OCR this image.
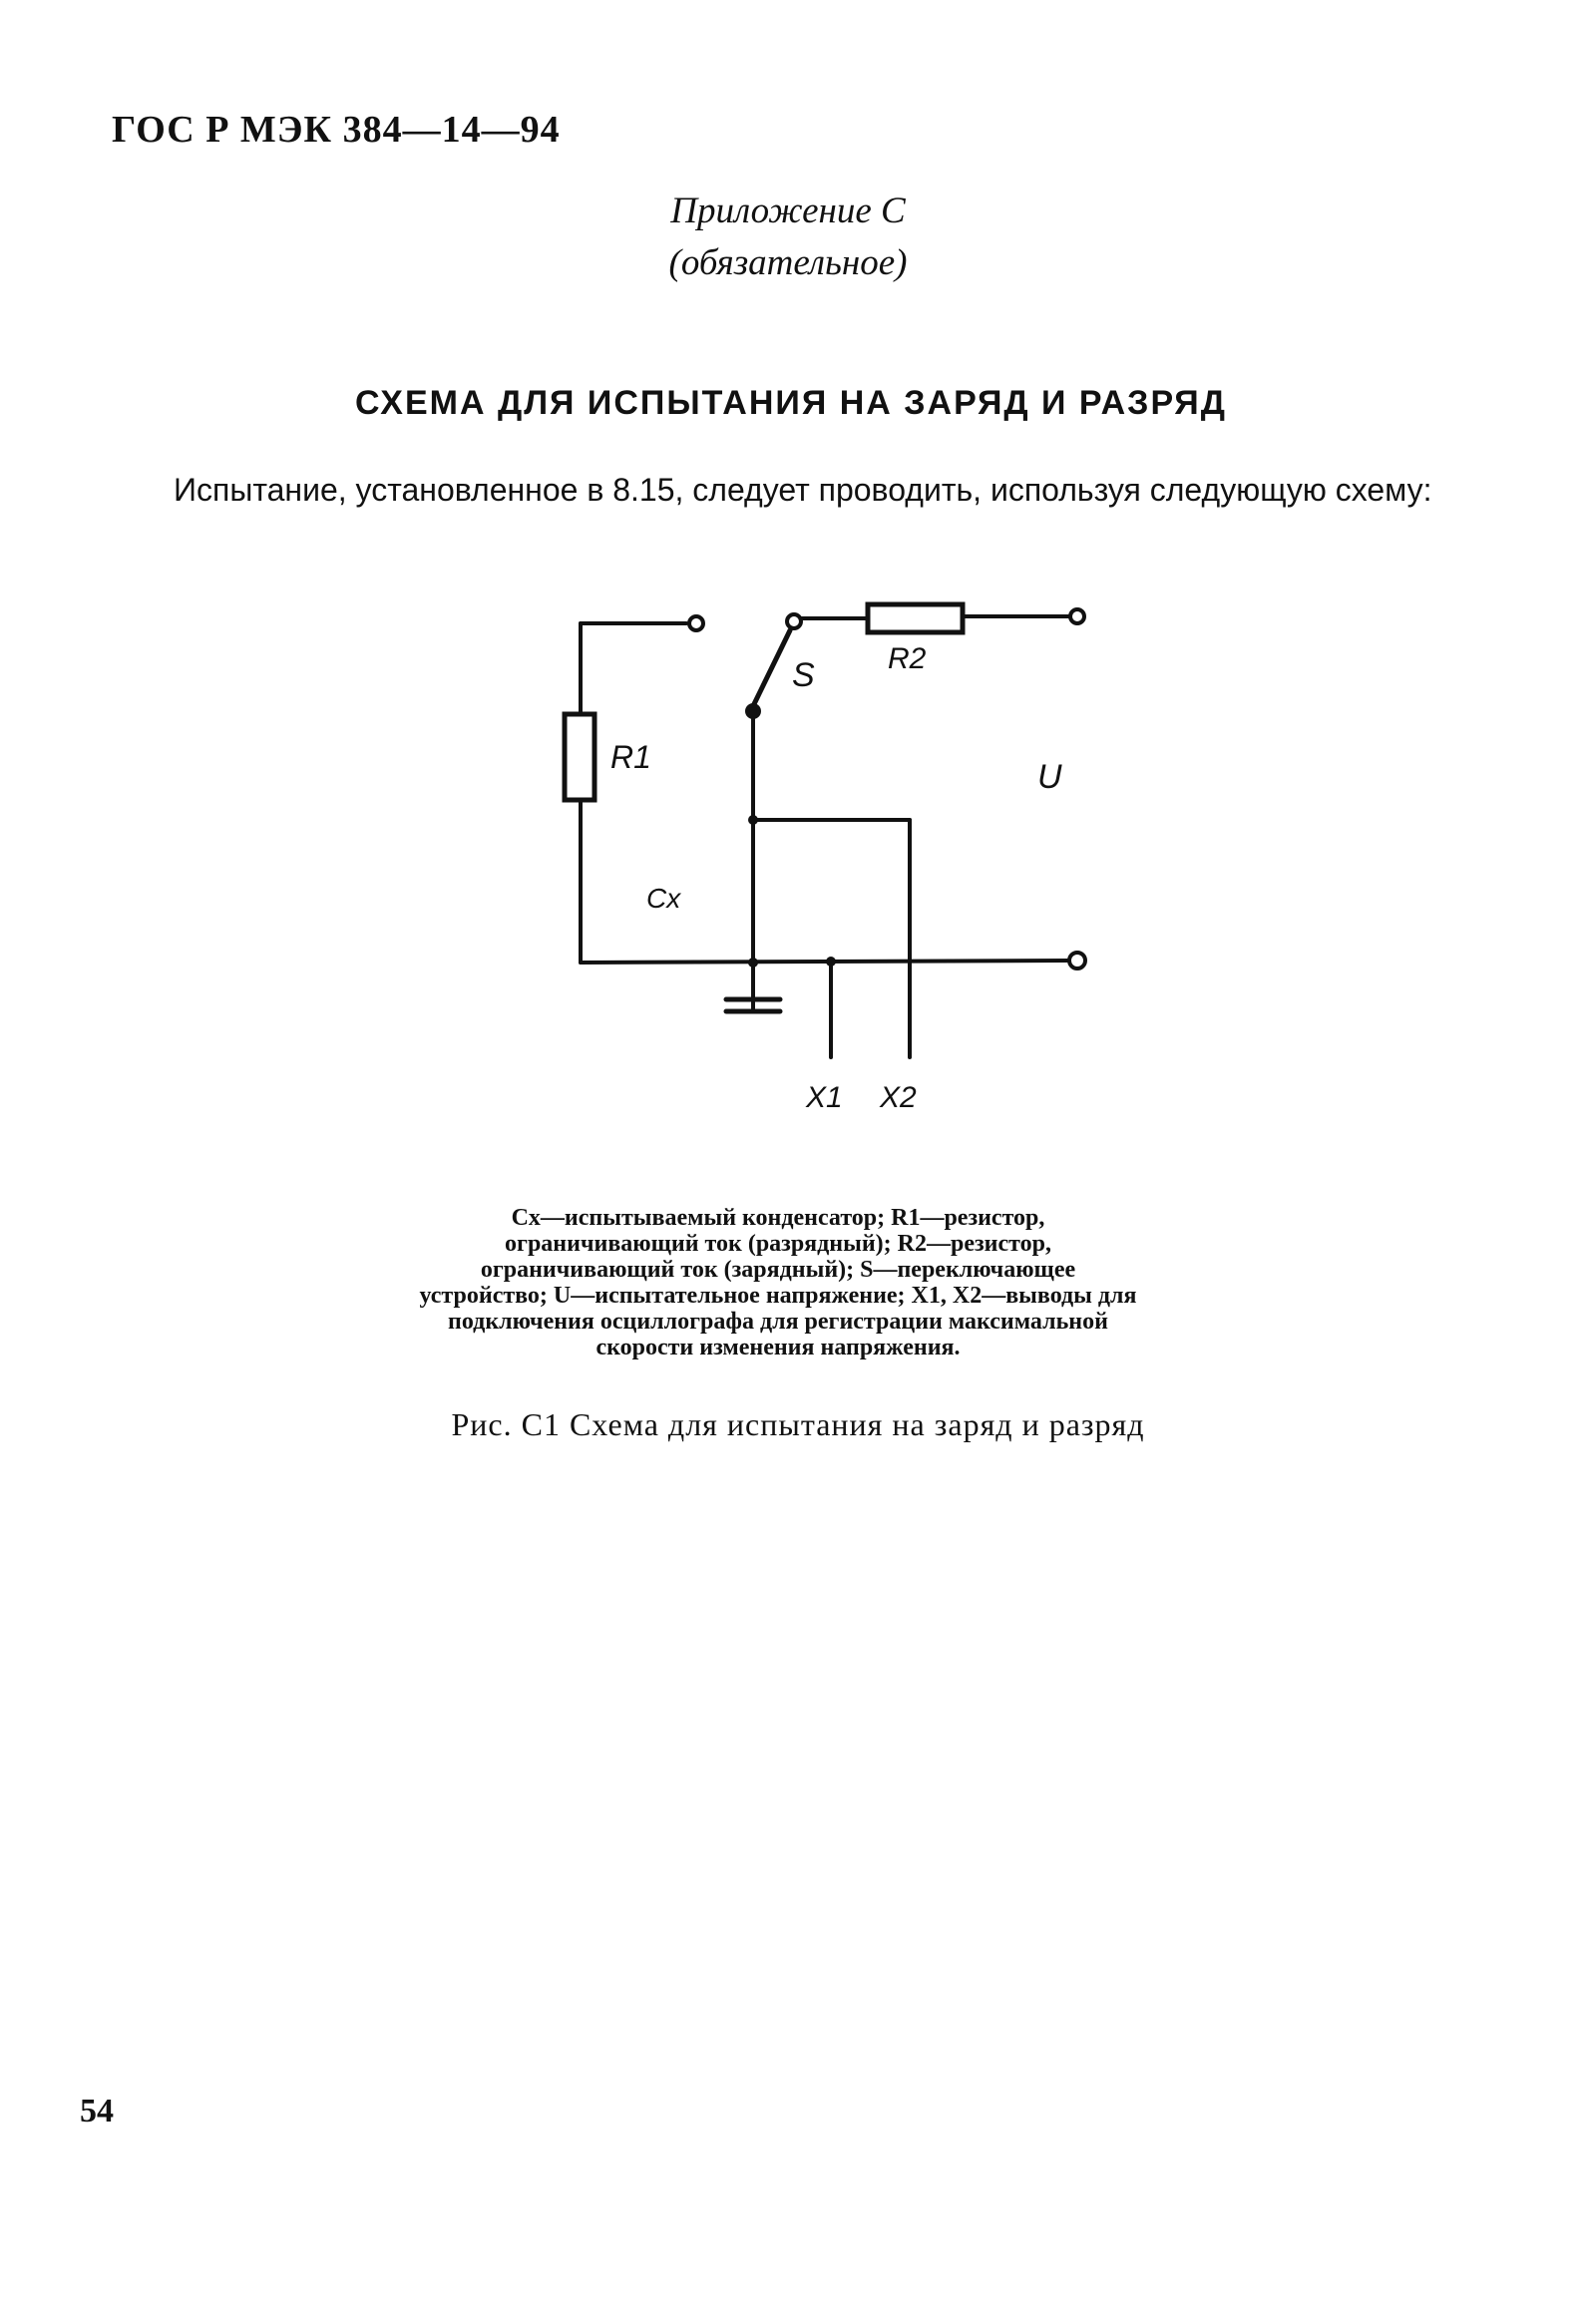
ГОС Р МЭК 384—14—94
Приложение С
(обязательное)
СХЕМА ДЛЯ ИСПЫТАНИЯ НА ЗАРЯД И РАЗРЯД
Испытание, установленное в 8.15, следует проводить, используя следующую схему:
R1
R2
S
U
Cx
X1 X2
Cx—испытываемый конденсатор; R1—резистор, ограничивающий ток (разрядный); R2—резистор, ограничивающий ток (зарядный); S—переключающее устройство; U—испытательное напряжение; X1, X2—выводы для подключения осциллографа для регистрации максимальной скорости изменения напряжения.
Рис. С1 Схема для испытания на заряд и разряд
54
